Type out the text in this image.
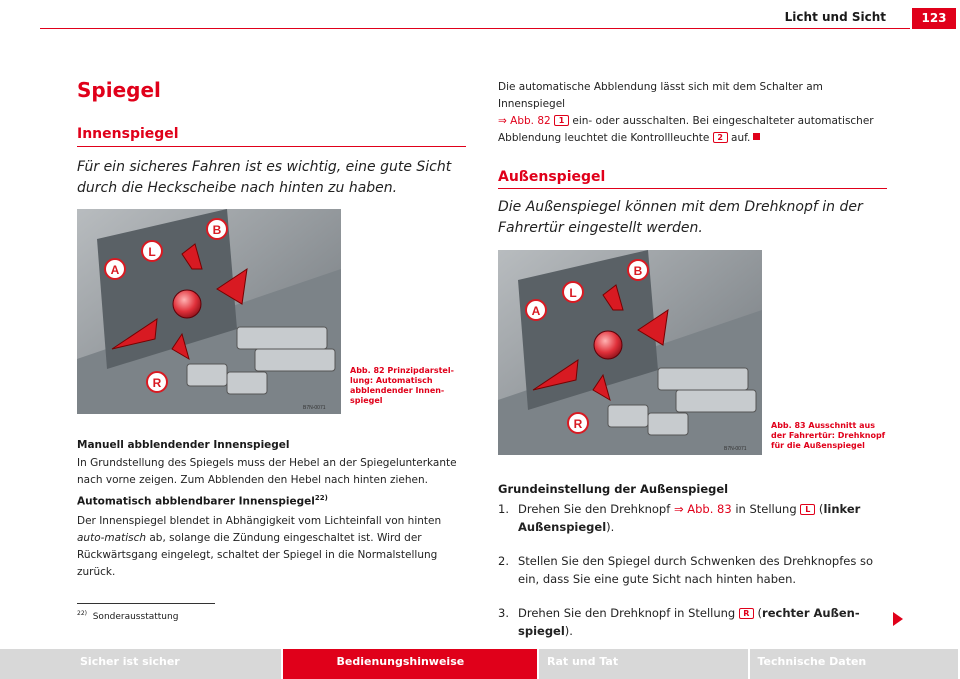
Licht und Sicht	123
Spiegel
Innenspiegel
Für ein sicheres Fahren ist es wichtig, eine gute Sicht durch die Heckscheibe nach hinten zu haben.
A
L
B
R
B7N-0071
Abb. 82 Prinzipdarstel-lung: Automatisch abblendender Innen-spiegel
Manuell abblendender Innenspiegel
In Grundstellung des Spiegels muss der Hebel an der Spiegelunterkante nach vorne zeigen. Zum Abblenden den Hebel nach hinten ziehen.
Automatisch abblendbarer Innenspiegel$^{22)}$
Der Innenspiegel blendet in Abhängigkeit vom Lichteinfall von hinten auto-matisch ab, solange die Zündung eingeschaltet ist. Wird der Rückwärtsgang eingelegt, schaltet der Spiegel in die Normalstellung zurück.
$^{22)}$ Sonderausstattung
Die automatische Abblendung lässt sich mit dem Schalter am Innenspiegel
⇒ Abb. 82 1 ein- oder ausschalten. Bei eingeschalteter automatischer Abblendung leuchtet die Kontrollleuchte 2 auf.
Außenspiegel
Die Außenspiegel können mit dem Drehknopf in der Fahrertür eingestellt werden.
A
L
B
R
B7N-0071
Abb. 83 Ausschnitt aus der Fahrertür: Drehknopf für die Außenspiegel
Grundeinstellung der Außenspiegel
1. Drehen Sie den Drehknopf ⇒ Abb. 83 in Stellung L (linker Außenspiegel).
2. Stellen Sie den Spiegel durch Schwenken des Drehknopfes so ein, dass Sie eine gute Sicht nach hinten haben.
3. Drehen Sie den Drehknopf in Stellung R (rechter Außen-spiegel).
Sicher ist sicher	Bedienungshinweise	Rat und Tat	Technische Daten
